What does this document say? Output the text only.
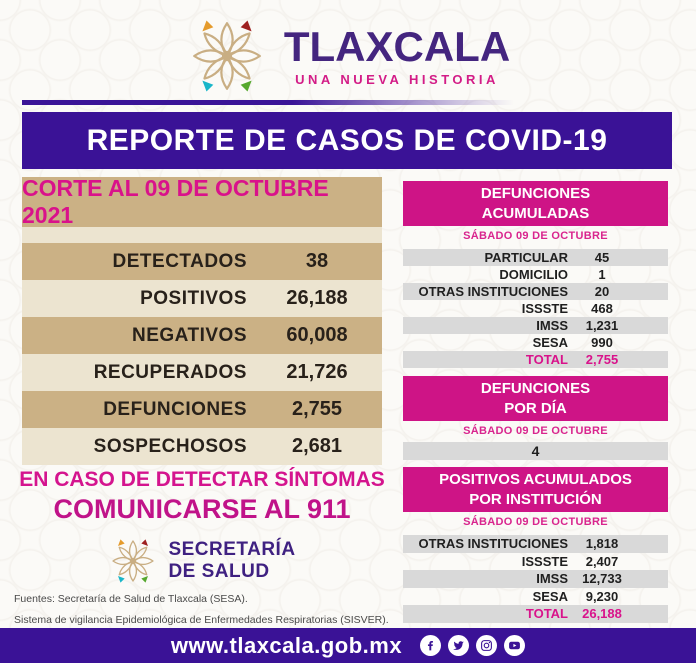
TLAXCALA
UNA NUEVA HISTORIA
REPORTE DE CASOS DE COVID-19
CORTE AL 09 DE OCTUBRE 2021
DETECTADOS	38
POSITIVOS	26,188
NEGATIVOS	60,008
RECUPERADOS	21,726
DEFUNCIONES	2,755
SOSPECHOSOS	2,681
EN CASO DE DETECTAR SÍNTOMAS
COMUNICARSE AL 911
SECRETARÍA
DE SALUD
Fuentes: Secretaría de Salud de Tlaxcala (SESA).
Sistema de vigilancia Epidemiológica de Enfermedades Respiratorias (SISVER).
DEFUNCIONES
ACUMULADAS
SÁBADO 09 DE OCTUBRE
PARTICULAR	45
DOMICILIO	1
OTRAS INSTITUCIONES	20
ISSSTE	468
IMSS	1,231
SESA	990
TOTAL	2,755
DEFUNCIONES
POR DÍA
SÁBADO 09 DE OCTUBRE
4
POSITIVOS ACUMULADOS
POR INSTITUCIÓN
SÁBADO 09 DE OCTUBRE
OTRAS INSTITUCIONES	1,818
ISSSTE	2,407
IMSS	12,733
SESA	9,230
TOTAL	26,188
www.tlaxcala.gob.mx
